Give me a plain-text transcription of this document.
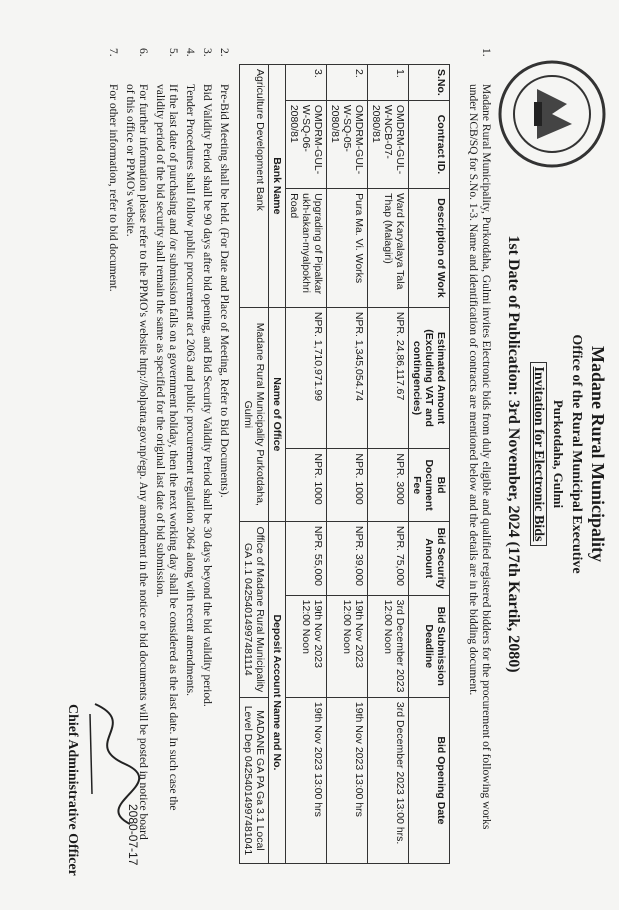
Madane Rural Municipality
Office of the Rural Municipal Executive
Purkotdaha, Gulmi
Invitation for Electronic Bids
1st Date of Publication: 3rd November, 2024 (17th Kartik, 2080)
1.
Madane Rural Municipality, Purkotdaha, Gulmi invites Electronic bids from duly eligible and qualified registered bidders for the procurement of following works under NCB/SQ for S.No. 1-3. Name and identification of contracts are mentioned below and the details are in the bidding document.
S.No.	Contract ID.	Description of Work	Estimated Amount (Excluding VAT and contingencies)	Bid Document Fee	Bid Security Amount	Bid Submission Deadline	Bid Opening Date
1.	OMDRM-GUL-W-NCB-07-2080/81	Ward Karyalaya Tala Thap (Malagiri)	NPR. 24,86,117.67	NPR. 3000	NPR. 75,000	3rd December 2023 12:00 Noon	3rd December 2023 13:00 hrs.
2.	OMDRM-GUL-W-SQ-05-2080/81	Pura Ma. Vi. Works	NPR. 1,345,054.74	NPR. 1000	NPR. 39,000	19th Nov 2023 12:00 Noon	19th Nov 2023 13:00 hrs
3.	OMDRM-GUL-W-SQ-06-2080/81	Upgrading of Pipalkar ukh-lakan-myalpokhri Road	NPR. 1,710,971.99	NPR. 1000	NPR. 55,000	19th Nov 2023 12:00 Noon	19th Nov 2023 13:00 hrs
Bank Name			Name of Office		Deposit Account Name and No.		
Agriculture Development Bank			Madane Rural Municipality Purkotdaha, Gulmi		Office of Madane Rural Municipality GA 1.1 04254014997481114		MADANE GA PA Ga 3.1 Local Level Dep 04254014997481041
2.
Pre-Bid Meeting shall be held. (For Date and Place of Meeting, Refer to Bid Documents).
3.
Bid Validity Period shall be 90 days after bid opening, and Bid Security Validity Period shall be 30 days beyond the bid validity period.
4.
Tender Procedures shall follow public procurement act 2063 and public procurement regulation 2064 along with recent amendments.
5.
If the last date of purchasing and /or submission falls on a government holiday, then the next working day shall be considered as the last date. In such case the validity period of the bid security shall remain the same as specified for the original last date of bid submission.
6.
For further information please refer to the PPMO's website http://bolpatra.gov.np/egp. Any amendment in the notice or bid documents will be posted in notice board of this office or PPMO's website.
7.
For other information, refer to bid document.
2080-07-17
Chief Administrative Officer
